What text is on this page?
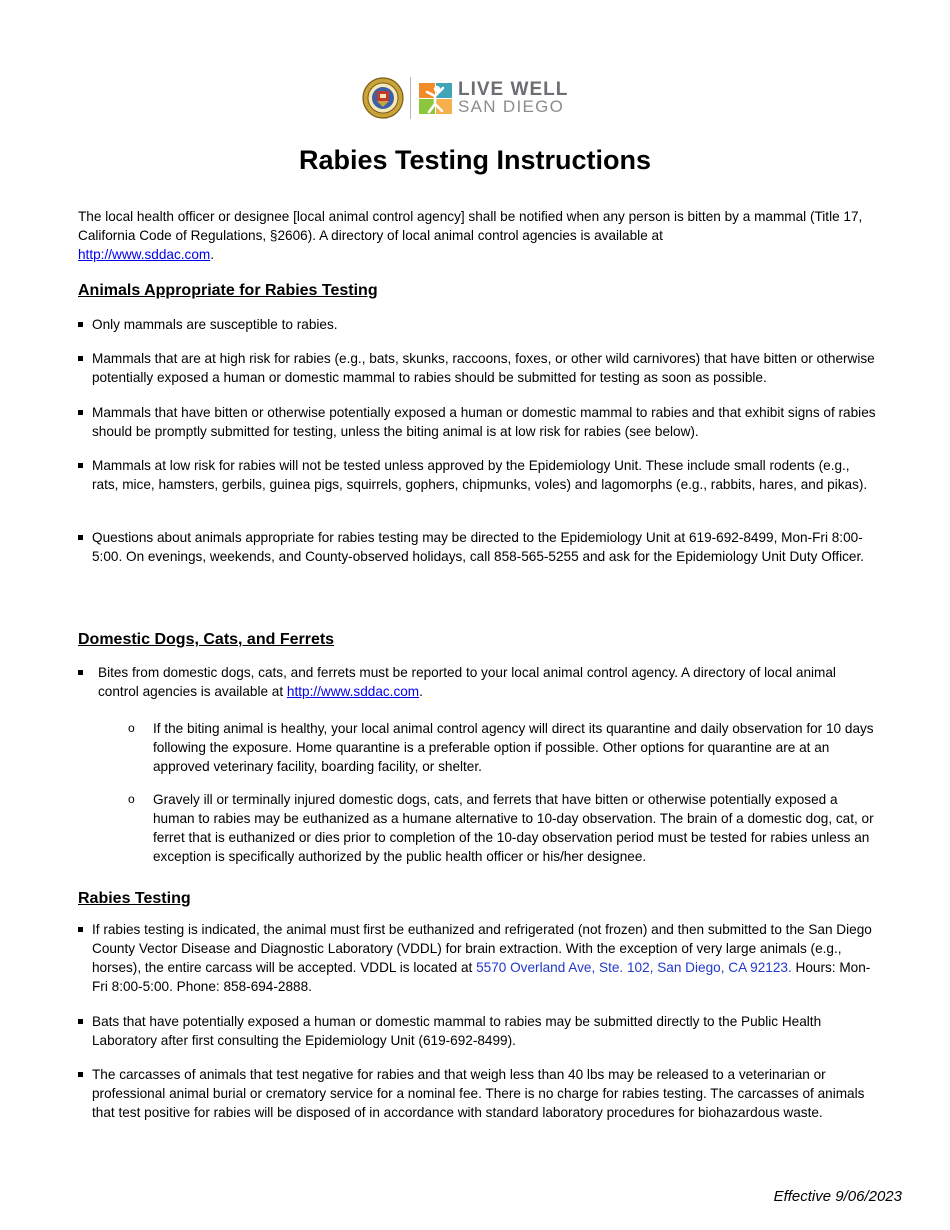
LIVE WELL
SAN DIEGO
Rabies Testing Instructions
The local health officer or designee [local animal control agency] shall be notified when any person is bitten by a mammal (Title 17, California Code of Regulations, §2606). A directory of local animal control agencies is available at
http://www.sddac.com.
Animals Appropriate for Rabies Testing
Only mammals are susceptible to rabies.
Mammals that are at high risk for rabies (e.g., bats, skunks, raccoons, foxes, or other wild carnivores) that have bitten or otherwise potentially exposed a human or domestic mammal to rabies should be submitted for testing as soon as possible.
Mammals that have bitten or otherwise potentially exposed a human or domestic mammal to rabies and that exhibit signs of rabies should be promptly submitted for testing, unless the biting animal is at low risk for rabies (see below).
Mammals at low risk for rabies will not be tested unless approved by the Epidemiology Unit. These include small rodents (e.g., rats, mice, hamsters, gerbils, guinea pigs, squirrels, gophers, chipmunks, voles) and lagomorphs (e.g., rabbits, hares, and pikas).
Questions about animals appropriate for rabies testing may be directed to the Epidemiology Unit at 619-692-8499, Mon-Fri 8:00-5:00. On evenings, weekends, and County-observed holidays, call 858-565-5255 and ask for the Epidemiology Unit Duty Officer.
Domestic Dogs, Cats, and Ferrets
Bites from domestic dogs, cats, and ferrets must be reported to your local animal control agency. A directory of local animal control agencies is available at http://www.sddac.com.
o If the biting animal is healthy, your local animal control agency will direct its quarantine and daily observation for 10 days following the exposure. Home quarantine is a preferable option if possible. Other options for quarantine are at an approved veterinary facility, boarding facility, or shelter.
o Gravely ill or terminally injured domestic dogs, cats, and ferrets that have bitten or otherwise potentially exposed a human to rabies may be euthanized as a humane alternative to 10-day observation. The brain of a domestic dog, cat, or ferret that is euthanized or dies prior to completion of the 10-day observation period must be tested for rabies unless an exception is specifically authorized by the public health officer or his/her designee.
Rabies Testing
If rabies testing is indicated, the animal must first be euthanized and refrigerated (not frozen) and then submitted to the San Diego County Vector Disease and Diagnostic Laboratory (VDDL) for brain extraction. With the exception of very large animals (e.g., horses), the entire carcass will be accepted. VDDL is located at 5570 Overland Ave, Ste. 102, San Diego, CA 92123. Hours: Mon-Fri 8:00-5:00. Phone: 858-694-2888.
Bats that have potentially exposed a human or domestic mammal to rabies may be submitted directly to the Public Health Laboratory after first consulting the Epidemiology Unit (619-692-8499).
The carcasses of animals that test negative for rabies and that weigh less than 40 lbs may be released to a veterinarian or professional animal burial or crematory service for a nominal fee. There is no charge for rabies testing. The carcasses of animals that test positive for rabies will be disposed of in accordance with standard laboratory procedures for biohazardous waste.
Effective 9/06/2023
